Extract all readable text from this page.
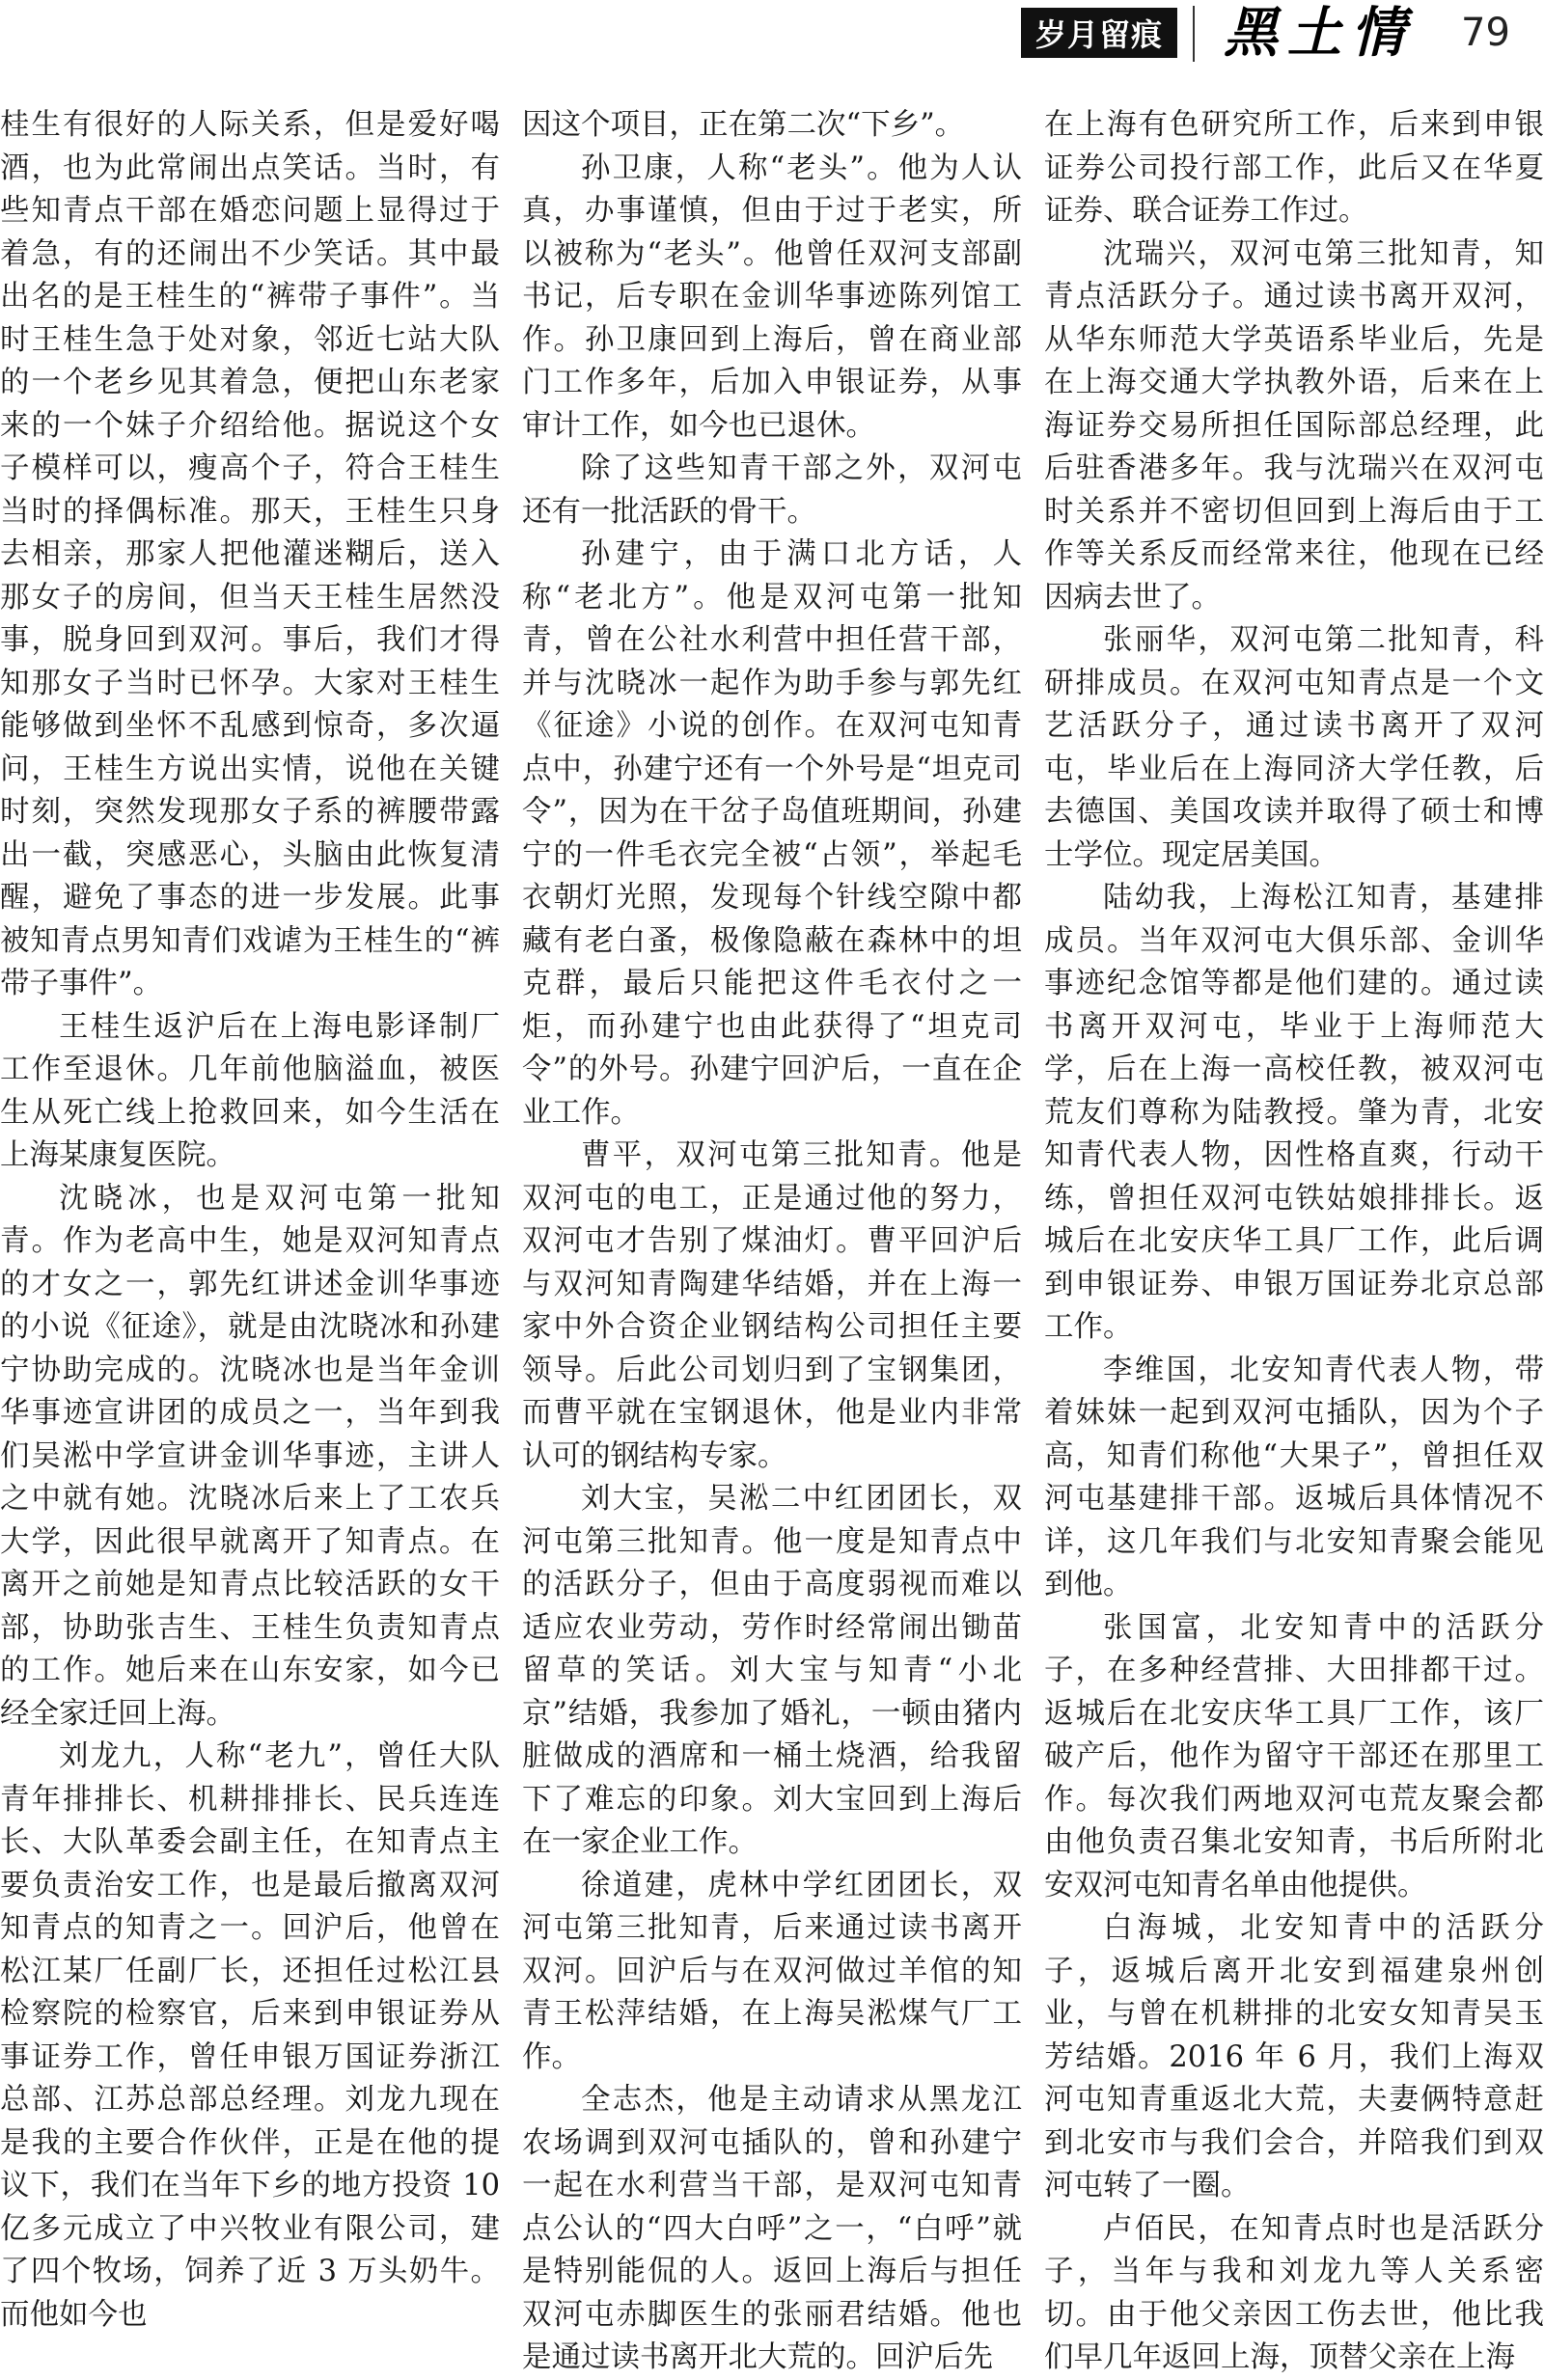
岁月留痕 黑土情 79

桂生有很好的人际关系，但是爱好喝酒，也为此常闹出点笑话。当时，有些知青点干部在婚恋问题上显得过于着急，有的还闹出不少笑话。其中最出名的是王桂生的“裤带子事件”。当时王桂生急于处对象，邻近七站大队的一个老乡见其着急，便把山东老家来的一个妹子介绍给他。据说这个女子模样可以，瘦高个子，符合王桂生当时的择偶标准。那天，王桂生只身去相亲，那家人把他灌迷糊后，送入那女子的房间，但当天王桂生居然没事，脱身回到双河。事后，我们才得知那女子当时已怀孕。大家对王桂生能够做到坐怀不乱感到惊奇，多次逼问，王桂生方说出实情，说他在关键时刻，突然发现那女子系的裤腰带露出一截，突感恶心，头脑由此恢复清醒，避免了事态的进一步发展。此事被知青点男知青们戏谑为王桂生的“裤带子事件”。

王桂生返沪后在上海电影译制厂工作至退休。几年前他脑溢血，被医生从死亡线上抢救回来，如今生活在上海某康复医院。

沈晓冰，也是双河屯第一批知青。作为老高中生，她是双河知青点的才女之一，郭先红讲述金训华事迹的小说《征途》，就是由沈晓冰和孙建宁协助完成的。沈晓冰也是当年金训华事迹宣讲团的成员之一，当年到我们吴淞中学宣讲金训华事迹，主讲人之中就有她。沈晓冰后来上了工农兵大学，因此很早就离开了知青点。在离开之前她是知青点比较活跃的女干部，协助张吉生、王桂生负责知青点的工作。她后来在山东安家，如今已经全家迁回上海。

刘龙九，人称“老九”，曾任大队青年排排长、机耕排排长、民兵连连长、大队革委会副主任，在知青点主要负责治安工作，也是最后撤离双河知青点的知青之一。回沪后，他曾在松江某厂任副厂长，还担任过松江县检察院的检察官，后来到申银证券从事证券工作，曾任申银万国证券浙江总部、江苏总部总经理。刘龙九现在是我的主要合作伙伴，正是在他的提议下，我们在当年下乡的地方投资 10 亿多元成立了中兴牧业有限公司，建了四个牧场，饲养了近 3 万头奶牛。而他如今也

因这个项目，正在第二次“下乡”。

孙卫康，人称“老头”。他为人认真，办事谨慎，但由于过于老实，所以被称为“老头”。他曾任双河支部副书记，后专职在金训华事迹陈列馆工作。孙卫康回到上海后，曾在商业部门工作多年，后加入申银证券，从事审计工作，如今也已退休。

除了这些知青干部之外，双河屯还有一批活跃的骨干。

孙建宁，由于满口北方话，人称“老北方”。他是双河屯第一批知青，曾在公社水利营中担任营干部，并与沈晓冰一起作为助手参与郭先红《征途》小说的创作。在双河屯知青点中，孙建宁还有一个外号是“坦克司令”，因为在干岔子岛值班期间，孙建宁的一件毛衣完全被“占领”，举起毛衣朝灯光照，发现每个针线空隙中都藏有老白蚤，极像隐蔽在森林中的坦克群，最后只能把这件毛衣付之一炬，而孙建宁也由此获得了“坦克司令”的外号。孙建宁回沪后，一直在企业工作。

曹平，双河屯第三批知青。他是双河屯的电工，正是通过他的努力，双河屯才告别了煤油灯。曹平回沪后与双河知青陶建华结婚，并在上海一家中外合资企业钢结构公司担任主要领导。后此公司划归到了宝钢集团，而曹平就在宝钢退休，他是业内非常认可的钢结构专家。

刘大宝，吴淞二中红团团长，双河屯第三批知青。他一度是知青点中的活跃分子，但由于高度弱视而难以适应农业劳动，劳作时经常闹出锄苗留草的笑话。刘大宝与知青“小北京”结婚，我参加了婚礼，一顿由猪内脏做成的酒席和一桶土烧酒，给我留下了难忘的印象。刘大宝回到上海后在一家企业工作。

徐道建，虎林中学红团团长，双河屯第三批知青，后来通过读书离开双河。回沪后与在双河做过羊倌的知青王松萍结婚，在上海吴淞煤气厂工作。

全志杰，他是主动请求从黑龙江农场调到双河屯插队的，曾和孙建宁一起在水利营当干部，是双河屯知青点公认的“四大白呼”之一，“白呼”就是特别能侃的人。返回上海后与担任双河屯赤脚医生的张丽君结婚。他也是通过读书离开北大荒的。回沪后先

在上海有色研究所工作，后来到申银证券公司投行部工作，此后又在华夏证券、联合证券工作过。

沈瑞兴，双河屯第三批知青，知青点活跃分子。通过读书离开双河，从华东师范大学英语系毕业后，先是在上海交通大学执教外语，后来在上海证券交易所担任国际部总经理，此后驻香港多年。我与沈瑞兴在双河屯时关系并不密切但回到上海后由于工作等关系反而经常来往，他现在已经因病去世了。

张丽华，双河屯第二批知青，科研排成员。在双河屯知青点是一个文艺活跃分子，通过读书离开了双河屯，毕业后在上海同济大学任教，后去德国、美国攻读并取得了硕士和博士学位。现定居美国。

陆幼我，上海松江知青，基建排成员。当年双河屯大俱乐部、金训华事迹纪念馆等都是他们建的。通过读书离开双河屯，毕业于上海师范大学，后在上海一高校任教，被双河屯荒友们尊称为陆教授。肇为青，北安知青代表人物，因性格直爽，行动干练，曾担任双河屯铁姑娘排排长。返城后在北安庆华工具厂工作，此后调到申银证券、申银万国证券北京总部工作。

李维国，北安知青代表人物，带着妹妹一起到双河屯插队，因为个子高，知青们称他“大果子”，曾担任双河屯基建排干部。返城后具体情况不详，这几年我们与北安知青聚会能见到他。

张国富，北安知青中的活跃分子，在多种经营排、大田排都干过。返城后在北安庆华工具厂工作，该厂破产后，他作为留守干部还在那里工作。每次我们两地双河屯荒友聚会都由他负责召集北安知青，书后所附北安双河屯知青名单由他提供。

白海城，北安知青中的活跃分子，返城后离开北安到福建泉州创业，与曾在机耕排的北安女知青吴玉芳结婚。2016 年 6 月，我们上海双河屯知青重返北大荒，夫妻俩特意赶到北安市与我们会合，并陪我们到双河屯转了一圈。

卢佰民，在知青点时也是活跃分子，当年与我和刘龙九等人关系密切。由于他父亲因工伤去世，他比我们早几年返回上海，顶替父亲在上海
